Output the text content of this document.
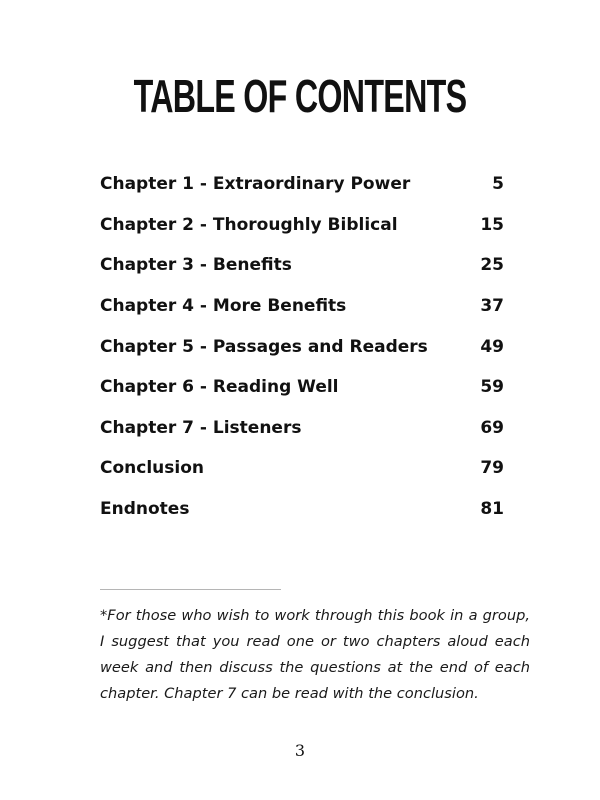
TABLE OF CONTENTS
Chapter 1 - Extraordinary Power	5
Chapter 2 - Thoroughly Biblical	15
Chapter 3 - Benefits	25
Chapter 4 - More Benefits	37
Chapter 5 - Passages and Readers	49
Chapter 6 - Reading Well	59
Chapter 7 - Listeners	69
Conclusion	79
Endnotes	81

*For those who wish to work through this book in a group, I suggest that you read one or two chapters aloud each week and then discuss the questions at the end of each chapter. Chapter 7 can be read with the conclusion.

3
